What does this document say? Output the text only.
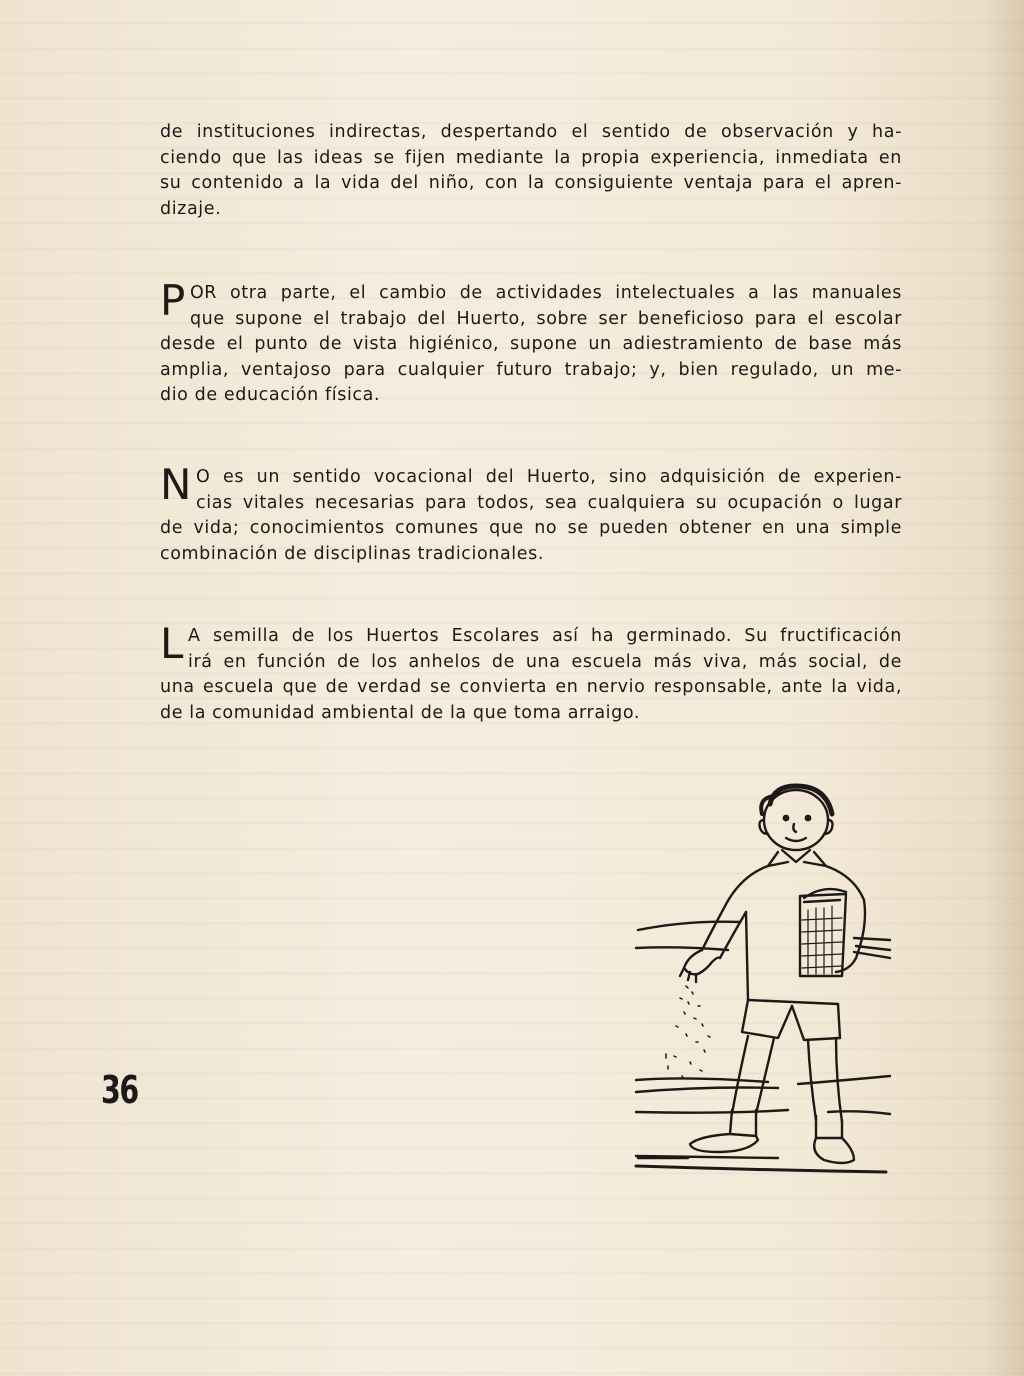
de instituciones indirectas, despertando el sentido de observación y ha-
ciendo que las ideas se fijen mediante la propia experiencia, inmediata en
su contenido a la vida del niño, con la consiguiente ventaja para el apren-
dizaje.
P OR otra parte, el cambio de actividades intelectuales a las manuales
que supone el trabajo del Huerto, sobre ser beneficioso para el escolar
desde el punto de vista higiénico, supone un adiestramiento de base más
amplia, ventajoso para cualquier futuro trabajo; y, bien regulado, un me-
dio de educación física.
N O es un sentido vocacional del Huerto, sino adquisición de experien-
cias vitales necesarias para todos, sea cualquiera su ocupación o lugar
de vida; conocimientos comunes que no se pueden obtener en una simple
combinación de disciplinas tradicionales.
L A semilla de los Huertos Escolares así ha germinado. Su fructificación
irá en función de los anhelos de una escuela más viva, más social, de
una escuela que de verdad se convierta en nervio responsable, ante la vida,
de la comunidad ambiental de la que toma arraigo.
36
